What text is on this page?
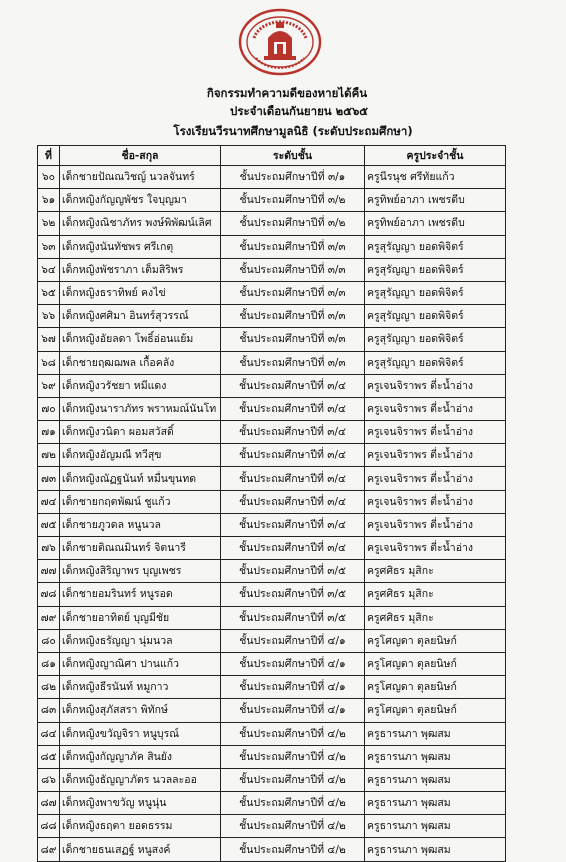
กิจกรรมทำความดีของหายได้คืน
ประจำเดือนกันยายน ๒๕๖๕
โรงเรียนวีรนาทศึกษามูลนิธิ (ระดับประถมศึกษา)
ที่	ชื่อ-สกุล	ระดับชั้น	ครูประจำชั้น
๖๐	เด็กชายปัณณวิชญ์ นวลจันทร์	ชั้นประถมศึกษาปีที่ ๓/๑	ครูนีรนุช ศรีทัยแก้ว
๖๑	เด็กหญิงกัญญพัชร ใจบุญมา	ชั้นประถมศึกษาปีที่ ๓/๒	ครูทิพย์อาภา เพชรดีบ
๖๒	เด็กหญิงณิชาภัทร พงษ์พิพัฒน์เลิศ	ชั้นประถมศึกษาปีที่ ๓/๒	ครูทิพย์อาภา เพชรดีบ
๖๓	เด็กหญิงนันทัชพร ศรีเกตุ	ชั้นประถมศึกษาปีที่ ๓/๓	ครูสุรัญญา ยอดพิจิตร์
๖๔	เด็กหญิงพัชราภา เต็มสิริพร	ชั้นประถมศึกษาปีที่ ๓/๓	ครูสุรัญญา ยอดพิจิตร์
๖๕	เด็กหญิงธราทิพย์ คงไข่	ชั้นประถมศึกษาปีที่ ๓/๓	ครูสุรัญญา ยอดพิจิตร์
๖๖	เด็กหญิงศศิมา อินทร์สุวรรณ์	ชั้นประถมศึกษาปีที่ ๓/๓	ครูสุรัญญา ยอดพิจิตร์
๖๗	เด็กหญิงอัยลดา โพธิ์อ่อนแย้ม	ชั้นประถมศึกษาปีที่ ๓/๓	ครูสุรัญญา ยอดพิจิตร์
๖๘	เด็กชายฤฒฌพล เกื้อคลัง	ชั้นประถมศึกษาปีที่ ๓/๓	ครูสุรัญญา ยอดพิจิตร์
๖๙	เด็กหญิงวรัชยา หมีแดง	ชั้นประถมศึกษาปีที่ ๓/๔	ครูเจนจิราพร ตี่ะน้ำอ่าง
๗๐	เด็กหญิงนาราภัทร พราหมณ์นันโท	ชั้นประถมศึกษาปีที่ ๓/๔	ครูเจนจิราพร ตี่ะน้ำอ่าง
๗๑	เด็กหญิงวนิดา ผอมสวัสดิ์	ชั้นประถมศึกษาปีที่ ๓/๔	ครูเจนจิราพร ตี่ะน้ำอ่าง
๗๒	เด็กหญิงอัญมณี ทวีสุข	ชั้นประถมศึกษาปีที่ ๓/๔	ครูเจนจิราพร ตี่ะน้ำอ่าง
๗๓	เด็กหญิงณัฏฐนันท์ หมื่นขุนทด	ชั้นประถมศึกษาปีที่ ๓/๔	ครูเจนจิราพร ตี่ะน้ำอ่าง
๗๔	เด็กชายกฤตพัฒน์ ชูแก้ว	ชั้นประถมศึกษาปีที่ ๓/๔	ครูเจนจิราพร ตี่ะน้ำอ่าง
๗๕	เด็กชายภูวดล หนูนวล	ชั้นประถมศึกษาปีที่ ๓/๔	ครูเจนจิราพร ตี่ะน้ำอ่าง
๗๖	เด็กชายติณณมินทร์ จิตนารี	ชั้นประถมศึกษาปีที่ ๓/๔	ครูเจนจิราพร ตี่ะน้ำอ่าง
๗๗	เด็กหญิงสิริญาพร บุญเพชร	ชั้นประถมศึกษาปีที่ ๓/๕	ครูศศิธร มุสิกะ
๗๘	เด็กชายอมรินทร์ หนูรอด	ชั้นประถมศึกษาปีที่ ๓/๕	ครูศศิธร มุสิกะ
๗๙	เด็กชายอาทิตย์ บุญมีชัย	ชั้นประถมศึกษาปีที่ ๓/๕	ครูศศิธร มุสิกะ
๘๐	เด็กหญิงธรัญญา นุ่มนวล	ชั้นประถมศึกษาปีที่ ๔/๑	ครูโศญดา ตุลยนิษก์
๘๑	เด็กหญิงญาณิศา ปานแก้ว	ชั้นประถมศึกษาปีที่ ๔/๑	ครูโศญดา ตุลยนิษก์
๘๒	เด็กหญิงธีรนันท์ หมูกาว	ชั้นประถมศึกษาปีที่ ๔/๑	ครูโศญดา ตุลยนิษก์
๘๓	เด็กหญิงสุภัสสรา พิทักษ์	ชั้นประถมศึกษาปีที่ ๔/๑	ครูโศญดา ตุลยนิษก์
๘๔	เด็กหญิงขวัญจิรา หนูบุรณ์	ชั้นประถมศึกษาปีที่ ๔/๒	ครูธารนภา พุฒสม
๘๕	เด็กหญิงกัญญาภัค สินยัง	ชั้นประถมศึกษาปีที่ ๔/๒	ครูธารนภา พุฒสม
๘๖	เด็กหญิงธัญญาภัตร นวลละออ	ชั้นประถมศึกษาปีที่ ๔/๒	ครูธารนภา พุฒสม
๘๗	เด็กหญิงพาขวัญ หนูนุ่น	ชั้นประถมศึกษาปีที่ ๔/๒	ครูธารนภา พุฒสม
๘๘	เด็กหญิงธฤตา ยอดธรรม	ชั้นประถมศึกษาปีที่ ๔/๒	ครูธารนภา พุฒสม
๘๙	เด็กชายธนเสฏฐ์ หนูสงค์	ชั้นประถมศึกษาปีที่ ๔/๒	ครูธารนภา พุฒสม
